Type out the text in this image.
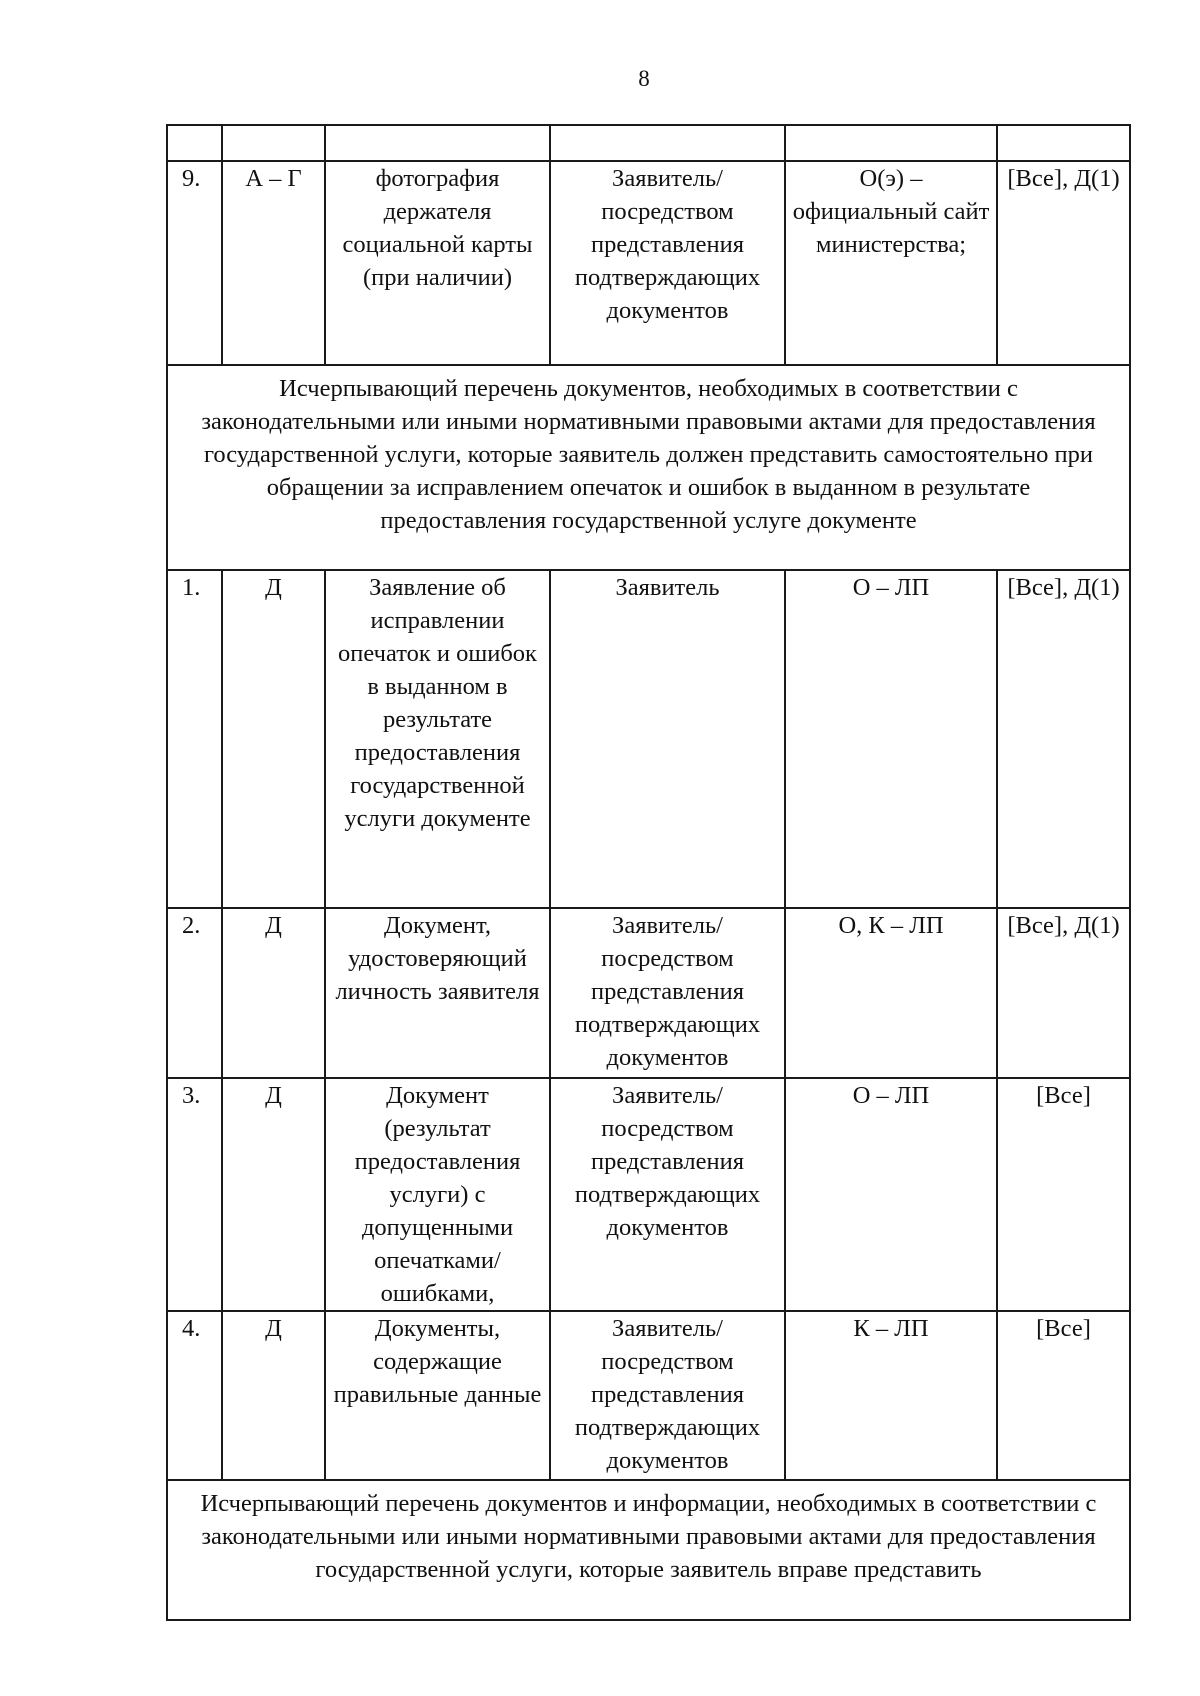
8

9.	А – Г	фотография держателя социальной карты (при наличии)	Заявитель/посредством представления подтверждающих документов	О(э) – официальный сайт министерства;	[Все], Д(1)
Исчерпывающий перечень документов, необходимых в соответствии с законодательными или иными нормативными правовыми актами для предоставления государственной услуги, которые заявитель должен представить самостоятельно при обращении за исправлением опечаток и ошибок в выданном в результате предоставления государственной услуге документе					
1.	Д	Заявление об исправлении опечаток и ошибок в выданном в результате предоставления государственной услуги документе	Заявитель	О – ЛП	[Все], Д(1)
2.	Д	Документ, удостоверяющий личность заявителя	Заявитель/посредством представления подтверждающих документов	О, К – ЛП	[Все], Д(1)
3.	Д	Документ (результат предоставления услуги) с допущенными опечатками/ошибками,	Заявитель/посредством представления подтверждающих документов	О – ЛП	[Все]
4.	Д	Документы, содержащие правильные данные	Заявитель/посредством представления подтверждающих документов	К – ЛП	[Все]
Исчерпывающий перечень документов и информации, необходимых в соответствии с законодательными или иными нормативными правовыми актами для предоставления государственной услуги, которые заявитель вправе представить					
